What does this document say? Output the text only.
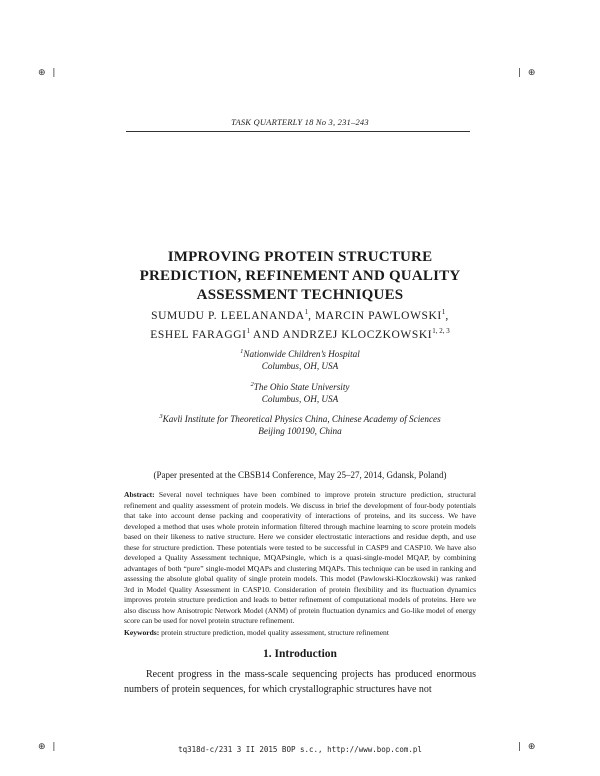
⊕ |	| ⊕
⊕ |	| ⊕
TASK QUARTERLY 18 No 3, 231–243
IMPROVING PROTEIN STRUCTURE
PREDICTION, REFINEMENT AND QUALITY
ASSESSMENT TECHNIQUES
SUMUDU P. LEELANANDA$^1$, MARCIN PAWLOWSKI$^1$,
ESHEL FARAGGI$^1$ AND ANDRZEJ KLOCZKOWSKI$^{1, 2, 3}$
$^1$Nationwide Children’s Hospital
Columbus, OH, USA
$^2$The Ohio State University
Columbus, OH, USA
$^3$Kavli Institute for Theoretical Physics China, Chinese Academy of Sciences
Beijing 100190, China
(Paper presented at the CBSB14 Conference, May 25–27, 2014, Gdansk, Poland)
Abstract: Several novel techniques have been combined to improve protein structure prediction, structural refinement and quality assessment of protein models. We discuss in brief the development of four-body potentials that take into account dense packing and cooperativity of interactions of proteins, and its success. We have developed a method that uses whole protein information filtered through machine learning to score protein models based on their likeness to native structure. Here we consider electrostatic interactions and residue depth, and use these for structure prediction. These potentials were tested to be successful in CASP9 and CASP10. We have also developed a Quality Assessment technique, MQAPsingle, which is a quasi-single-model MQAP, by combining advantages of both “pure” single-model MQAPs and clustering MQAPs. This technique can be used in ranking and assessing the absolute global quality of single protein models. This model (Pawlowski-Kloczkowski) was ranked 3rd in Model Quality Assessment in CASP10. Consideration of protein flexibility and its fluctuation dynamics improves protein structure prediction and leads to better refinement of computational models of proteins. Here we also discuss how Anisotropic Network Model (ANM) of protein fluctuation dynamics and Go-like model of energy score can be used for novel protein structure refinement.
Keywords: protein structure prediction, model quality assessment, structure refinement
1. Introduction
Recent progress in the mass-scale sequencing projects has produced enormous numbers of protein sequences, for which crystallographic structures have not
tq318d-c/231 3 II 2015 BOP s.c., http://www.bop.com.pl
